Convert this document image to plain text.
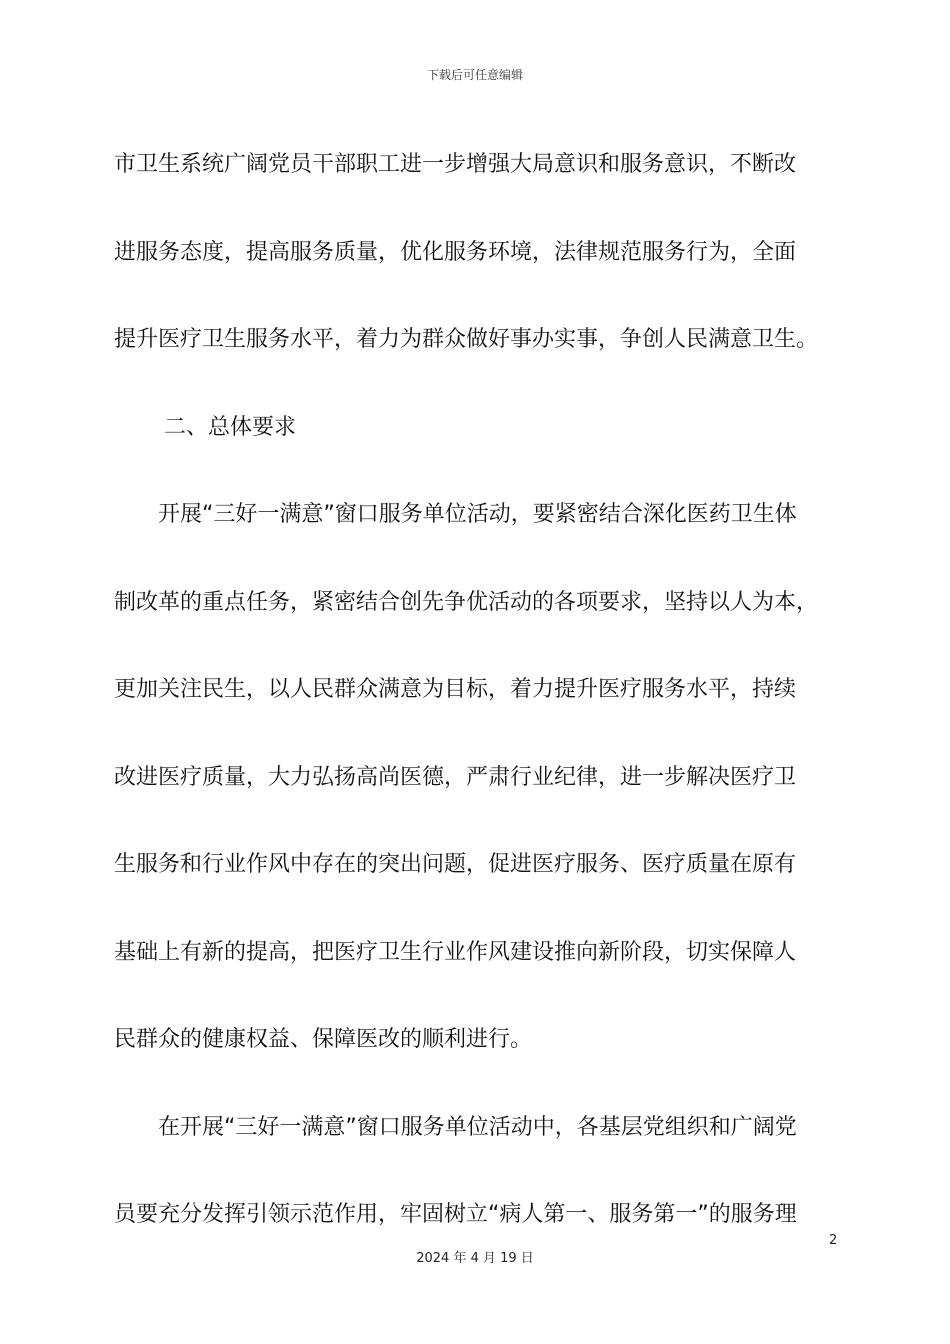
下载后可任意编辑
市卫生系统广阔党员干部职工进一步增强大局意识和服务意识，不断改
进服务态度，提高服务质量，优化服务环境，法律规范服务行为，全面
提升医疗卫生服务水平，着力为群众做好事办实事，争创人民满意卫生。
二、总体要求
开展“三好一满意”窗口服务单位活动，要紧密结合深化医药卫生体
制改革的重点任务，紧密结合创先争优活动的各项要求，坚持以人为本，
更加关注民生，以人民群众满意为目标，着力提升医疗服务水平，持续
改进医疗质量，大力弘扬高尚医德，严肃行业纪律，进一步解决医疗卫
生服务和行业作风中存在的突出问题，促进医疗服务、医疗质量在原有
基础上有新的提高，把医疗卫生行业作风建设推向新阶段，切实保障人
民群众的健康权益、保障医改的顺利进行。
在开展“三好一满意”窗口服务单位活动中，各基层党组织和广阔党
员要充分发挥引领示范作用，牢固树立“病人第一、服务第一”的服务理
2
2024 年 4 月 19 日
